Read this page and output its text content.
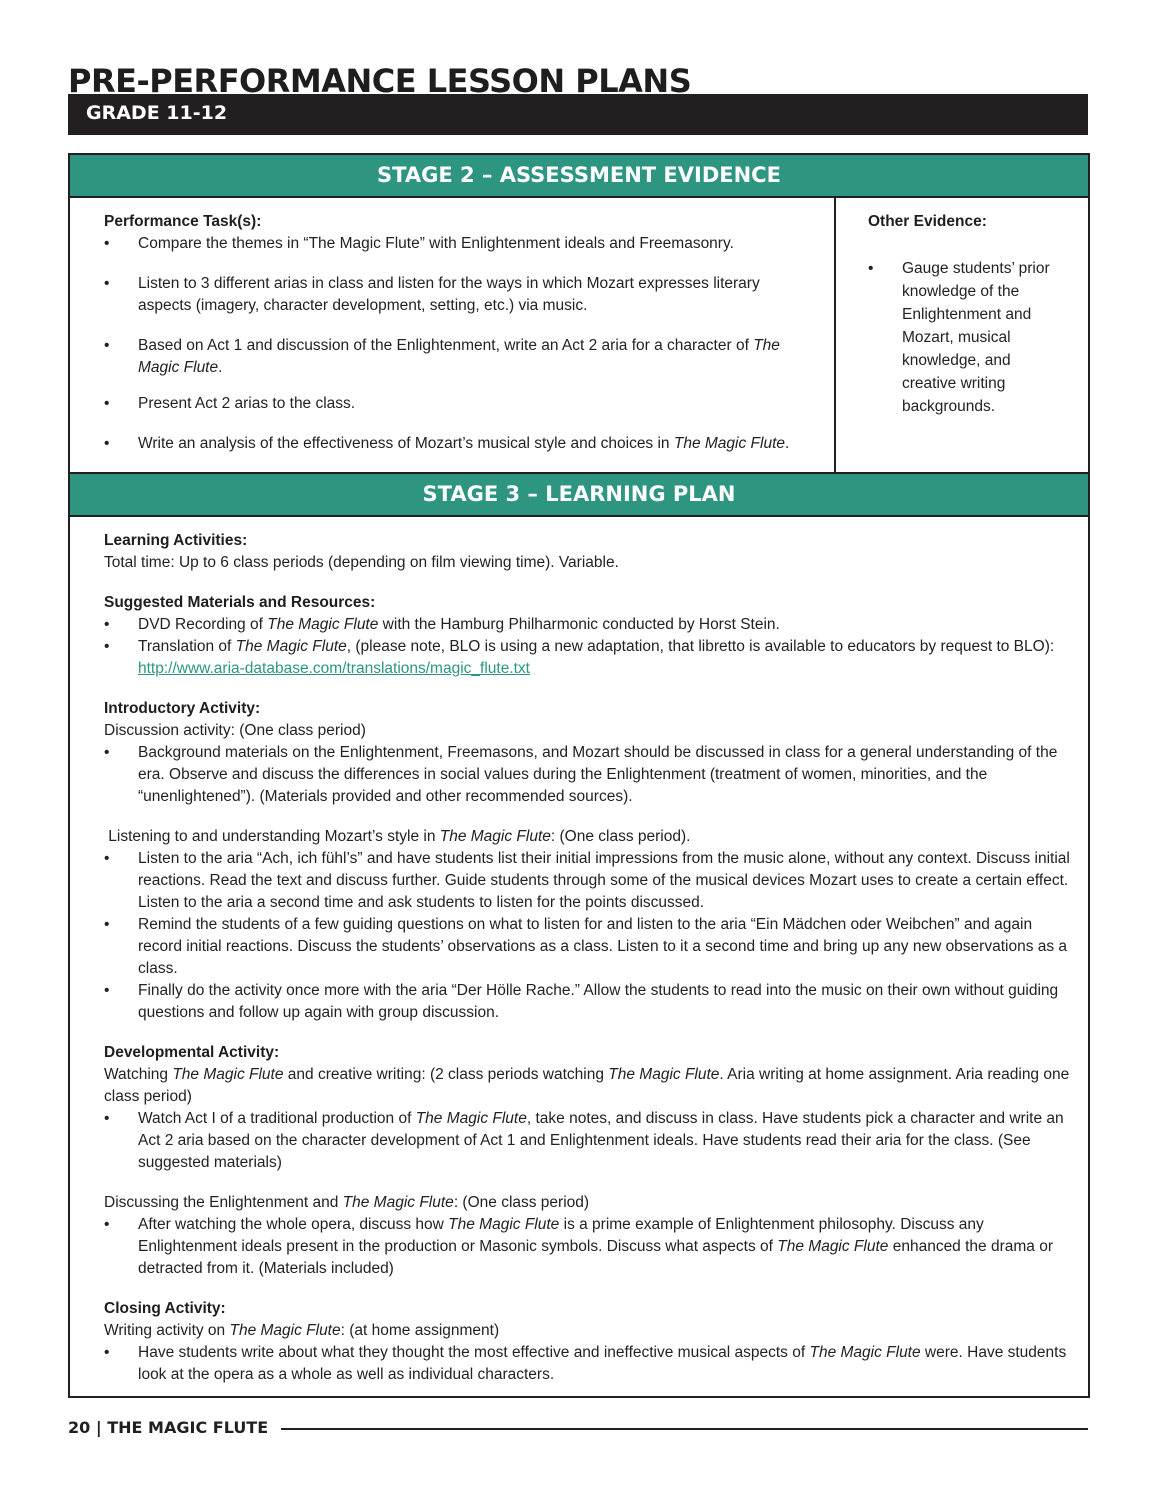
PRE-PERFORMANCE LESSON PLANS
GRADE 11-12
STAGE 2 – ASSESSMENT EVIDENCE
Performance Task(s):
• Compare the themes in “The Magic Flute” with Enlightenment ideals and Freemasonry.
• Listen to 3 different arias in class and listen for the ways in which Mozart expresses literary aspects (imagery, character development, setting, etc.) via music.
• Based on Act 1 and discussion of the Enlightenment, write an Act 2 aria for a character of The Magic Flute.
• Present Act 2 arias to the class.
• Write an analysis of the effectiveness of Mozart’s musical style and choices in The Magic Flute.
Other Evidence:
• Gauge students’ prior knowledge of the Enlightenment and Mozart, musical knowledge, and creative writing backgrounds.
STAGE 3 – LEARNING PLAN
Learning Activities:
Total time: Up to 6 class periods (depending on film viewing time). Variable.
Suggested Materials and Resources:
• DVD Recording of The Magic Flute with the Hamburg Philharmonic conducted by Horst Stein.
• Translation of The Magic Flute, (please note, BLO is using a new adaptation, that libretto is available to educators by request to BLO): http://www.aria-database.com/translations/magic_flute.txt
Introductory Activity:
Discussion activity: (One class period)
• Background materials on the Enlightenment, Freemasons, and Mozart should be discussed in class for a general understanding of the era. Observe and discuss the differences in social values during the Enlightenment (treatment of women, minorities, and the “unenlightened”). (Materials provided and other recommended sources).
Listening to and understanding Mozart’s style in The Magic Flute: (One class period).
• Listen to the aria “Ach, ich fühl’s” and have students list their initial impressions from the music alone, without any context. Discuss initial reactions. Read the text and discuss further. Guide students through some of the musical devices Mozart uses to create a certain effect. Listen to the aria a second time and ask students to listen for the points discussed.
• Remind the students of a few guiding questions on what to listen for and listen to the aria “Ein Mädchen oder Weibchen” and again record initial reactions. Discuss the students’ observations as a class. Listen to it a second time and bring up any new observations as a class.
• Finally do the activity once more with the aria “Der Hölle Rache.” Allow the students to read into the music on their own without guiding questions and follow up again with group discussion.
Developmental Activity:
Watching The Magic Flute and creative writing: (2 class periods watching The Magic Flute. Aria writing at home assignment. Aria reading one class period)
• Watch Act I of a traditional production of The Magic Flute, take notes, and discuss in class. Have students pick a character and write an Act 2 aria based on the character development of Act 1 and Enlightenment ideals. Have students read their aria for the class. (See suggested materials)
Discussing the Enlightenment and The Magic Flute: (One class period)
• After watching the whole opera, discuss how The Magic Flute is a prime example of Enlightenment philosophy. Discuss any Enlightenment ideals present in the production or Masonic symbols. Discuss what aspects of The Magic Flute enhanced the drama or detracted from it. (Materials included)
Closing Activity:
Writing activity on The Magic Flute: (at home assignment)
• Have students write about what they thought the most effective and ineffective musical aspects of The Magic Flute were. Have students look at the opera as a whole as well as individual characters.
20 | THE MAGIC FLUTE
